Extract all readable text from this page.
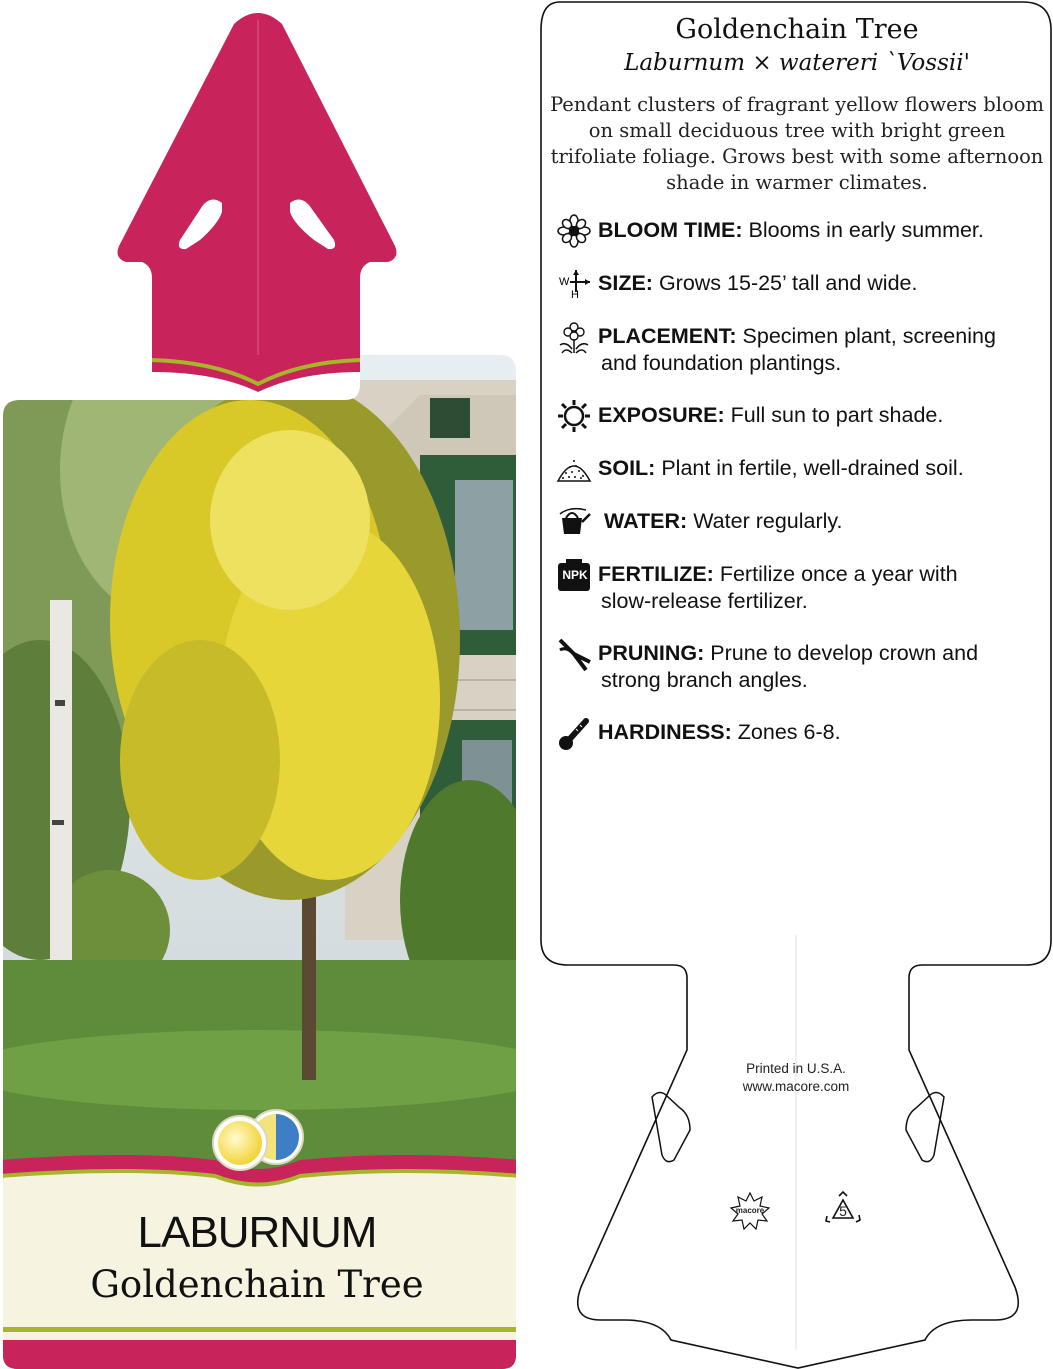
LABURNUM
Goldenchain Tree
5
macore
Printed in U.S.A.
www.macore.com
Goldenchain Tree
Laburnum × watereri `Vossii'
Pendant clusters of fragrant yellow flowers bloom on small deciduous tree with bright green trifoliate foliage. Grows best with some afternoon shade in warmer climates.
BLOOM TIME: Blooms in early summer.
W
H SIZE: Grows 15-25’ tall and wide.
PLACEMENT: Specimen plant, screening
and foundation plantings.
EXPOSURE: Full sun to part shade.
SOIL: Plant in fertile, well-drained soil.
WATER: Water regularly.
NPK FERTILIZE: Fertilize once a year with
slow-release fertilizer.
PRUNING: Prune to develop crown and
strong branch angles.
HARDINESS: Zones 6-8.
